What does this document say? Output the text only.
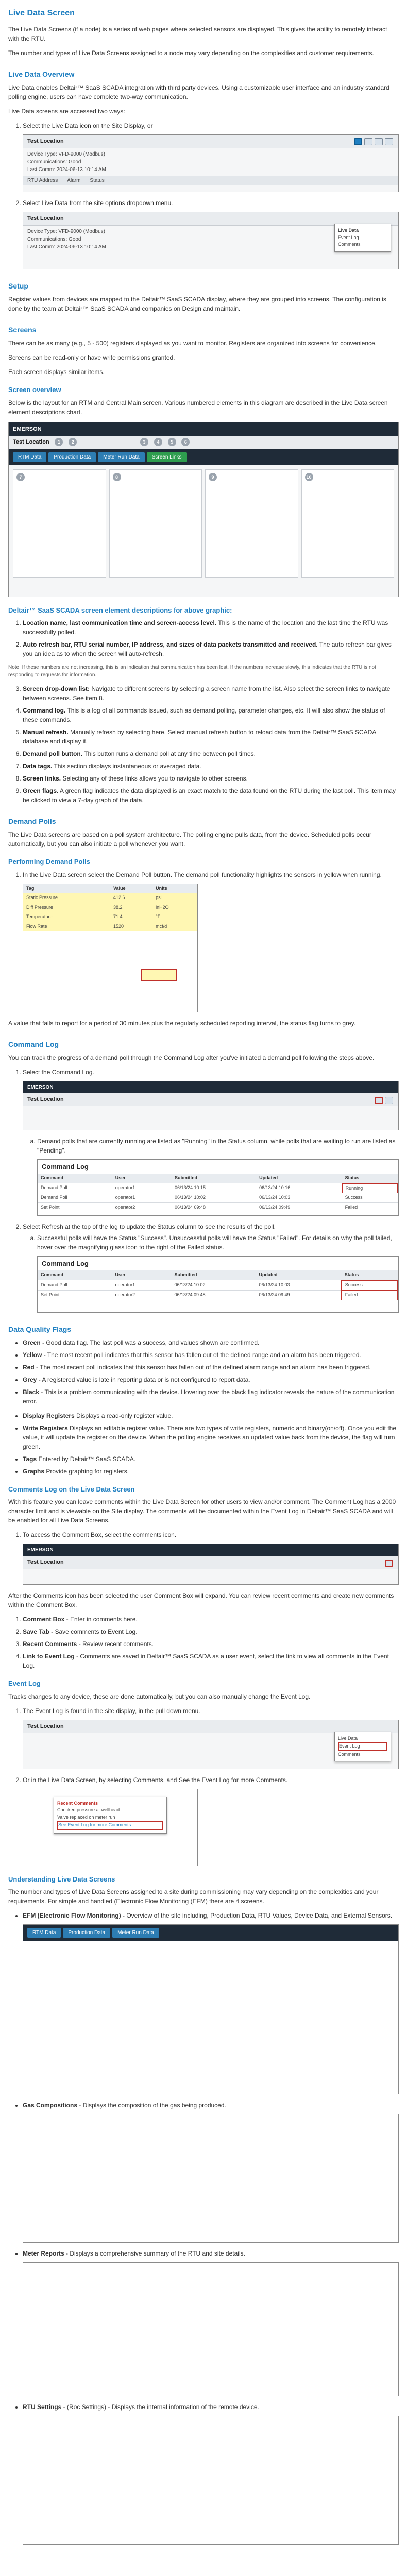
Live Data Screen

The Live Data Screens (if a node) is a series of web pages where selected sensors are displayed. This gives the ability to remotely interact with the RTU.

The number and types of Live Data Screens assigned to a node may vary depending on the complexities and customer requirements.

Live Data Overview

Live Data enables Deltair™ SaaS SCADA integration with third party devices. Using a customizable user interface and an industry standard polling engine, users can have complete two-way communication.

Live Data screens are accessed two ways:

1. Select the Live Data icon on the Site Display, or
Test Location
Device Type: VFD-9000 (Modbus)
Communications: Good
Last Comm: 2024-06-13 10:14 AM
RTU Address Alarm Status
2. Select Live Data from the site options dropdown menu.
Test Location
Device Type: VFD-9000 (Modbus)
Communications: Good
Last Comm: 2024-06-13 10:14 AM
Live Data
Event Log
Comments
Setup

Register values from devices are mapped to the Deltair™ SaaS SCADA display, where they are grouped into screens. The configuration is done by the team at Deltair™ SaaS SCADA and companies on Design and maintain.

Screens

There can be as many (e.g., 5 - 500) registers displayed as you want to monitor. Registers are organized into screens for convenience.

Screens can be read-only or have write permissions granted.

Each screen displays similar items.

Screen overview

Below is the layout for an RTM and Central Main screen. Various numbered elements in this diagram are described in the Live Data screen element descriptions chart.

EMERSON
Test Location 1 2	3 4 5 6
RTM Data	Production Data	Meter Run Data	Screen Links
7	8	9	10
Deltair™ SaaS SCADA screen element descriptions for above graphic:
1. Location name, last communication time and screen-access level. This is the name of the location and the last time the RTU was successfully polled.
2. Auto refresh bar, RTU serial number, IP address, and sizes of data packets transmitted and received. The auto refresh bar gives you an idea as to when the screen will auto-refresh.

Note: If these numbers are not increasing, this is an indication that communication has been lost. If the numbers increase slowly, this indicates that the RTU is not responding to requests for information.

3. Screen drop-down list: Navigate to different screens by selecting a screen name from the list. Also select the screen links to navigate between screens. See item 8.
4. Command log. This is a log of all commands issued, such as demand polling, parameter changes, etc. It will also show the status of these commands.
5. Manual refresh. Manually refresh by selecting here. Select manual refresh button to reload data from the Deltair™ SaaS SCADA database and display it.
6. Demand poll button. This button runs a demand poll at any time between poll times.
7. Data tags. This section displays instantaneous or averaged data.
8. Screen links. Selecting any of these links allows you to navigate to other screens.
9. Green flags. A green flag indicates the data displayed is an exact match to the data found on the RTU during the last poll. This item may be clicked to view a 7-day graph of the data.
Demand Polls

The Live Data screens are based on a poll system architecture. The polling engine pulls data, from the device. Scheduled polls occur automatically, but you can also initiate a poll whenever you want.

Performing Demand Polls
1. In the Live Data screen select the Demand Poll button. The demand poll functionality highlights the sensors in yellow when running.
Tag	Value	Units
Static Pressure	412.6	psi
Diff Pressure	38.2	inH2O
Temperature	71.4	°F
Flow Rate	1520	mcf/d

A value that fails to report for a period of 30 minutes plus the regularly scheduled reporting interval, the status flag turns to grey.

Command Log

You can track the progress of a demand poll through the Command Log after you've initiated a demand poll following the steps above.

1. Select the Command Log.
EMERSON
Test Location
a. Demand polls that are currently running are listed as "Running" in the Status column, while polls that are waiting to run are listed as "Pending".
Command Log
Command	User	Submitted	Updated	Status
Demand Poll	operator1	06/13/24 10:15	06/13/24 10:16	Running
Demand Poll	operator1	06/13/24 10:02	06/13/24 10:03	Success
Set Point	operator2	06/13/24 09:48	06/13/24 09:49	Failed
2. Select Refresh at the top of the log to update the Status column to see the results of the poll.
a. Successful polls will have the Status "Success". Unsuccessful polls will have the Status "Failed". For details on why the poll failed, hover over the magnifying glass icon to the right of the Failed status.
Command Log
Command	User	Submitted	Updated	Status
Demand Poll	operator1	06/13/24 10:02	06/13/24 10:03	Success
Set Point	operator2	06/13/24 09:48	06/13/24 09:49	Failed
Data Quality Flags
• Green - Good data flag. The last poll was a success, and values shown are confirmed.
• Yellow - The most recent poll indicates that this sensor has fallen out of the defined range and an alarm has been triggered.
• Red - The most recent poll indicates that this sensor has fallen out of the defined alarm range and an alarm has been triggered.
• Grey - A registered value is late in reporting data or is not configured to report data.
• Black - This is a problem communicating with the device. Hovering over the black flag indicator reveals the nature of the communication error.
• Display Registers Displays a read-only register value.
• Write Registers Displays an editable register value. There are two types of write registers, numeric and binary(on/off). Once you edit the value, it will update the register on the device. When the polling engine receives an updated value back from the device, the flag will turn green.
• Tags Entered by Deltair™ SaaS SCADA.
• Graphs Provide graphing for registers.
Comments Log on the Live Data Screen

With this feature you can leave comments within the Live Data Screen for other users to view and/or comment. The Comment Log has a 2000 character limit and is viewable on the Site display. The comments will be documented within the Event Log in Deltair™ SaaS SCADA and will be enabled for all Live Data Screens.

1. To access the Comment Box, select the comments icon.
EMERSON
Test Location

After the Comments icon has been selected the user Comment Box will expand. You can review recent comments and create new comments within the Comment Box.

1. Comment Box - Enter in comments here.
2. Save Tab - Save comments to Event Log.
3. Recent Comments - Review recent comments.
4. Link to Event Log - Comments are saved in Deltair™ SaaS SCADA as a user event, select the link to view all comments in the Event Log.
Event Log

Tracks changes to any device, these are done automatically, but you can also manually change the Event Log.

1. The Event Log is found in the site display, in the pull down menu.
Test Location
Live Data
Event Log
Comments
2. Or in the Live Data Screen, by selecting Comments, and See the Event Log for more Comments.
Recent Comments
Checked pressure at wellhead
Valve replaced on meter run
See Event Log for more Comments
Understanding Live Data Screens

The number and types of Live Data Screens assigned to a site during commissioning may vary depending on the complexities and your requirements. For simple and handled (Electronic Flow Monitoring (EFM) there are 4 screens.

• EFM (Electronic Flow Monitoring) - Overview of the site including, Production Data, RTU Values, Device Data, and External Sensors.
RTM Data	Production Data	Meter Run Data
• Gas Compositions - Displays the composition of the gas being produced.
• Meter Reports - Displays a comprehensive summary of the RTU and site details.
• RTU Settings - (Roc Settings) - Displays the internal information of the remote device.
